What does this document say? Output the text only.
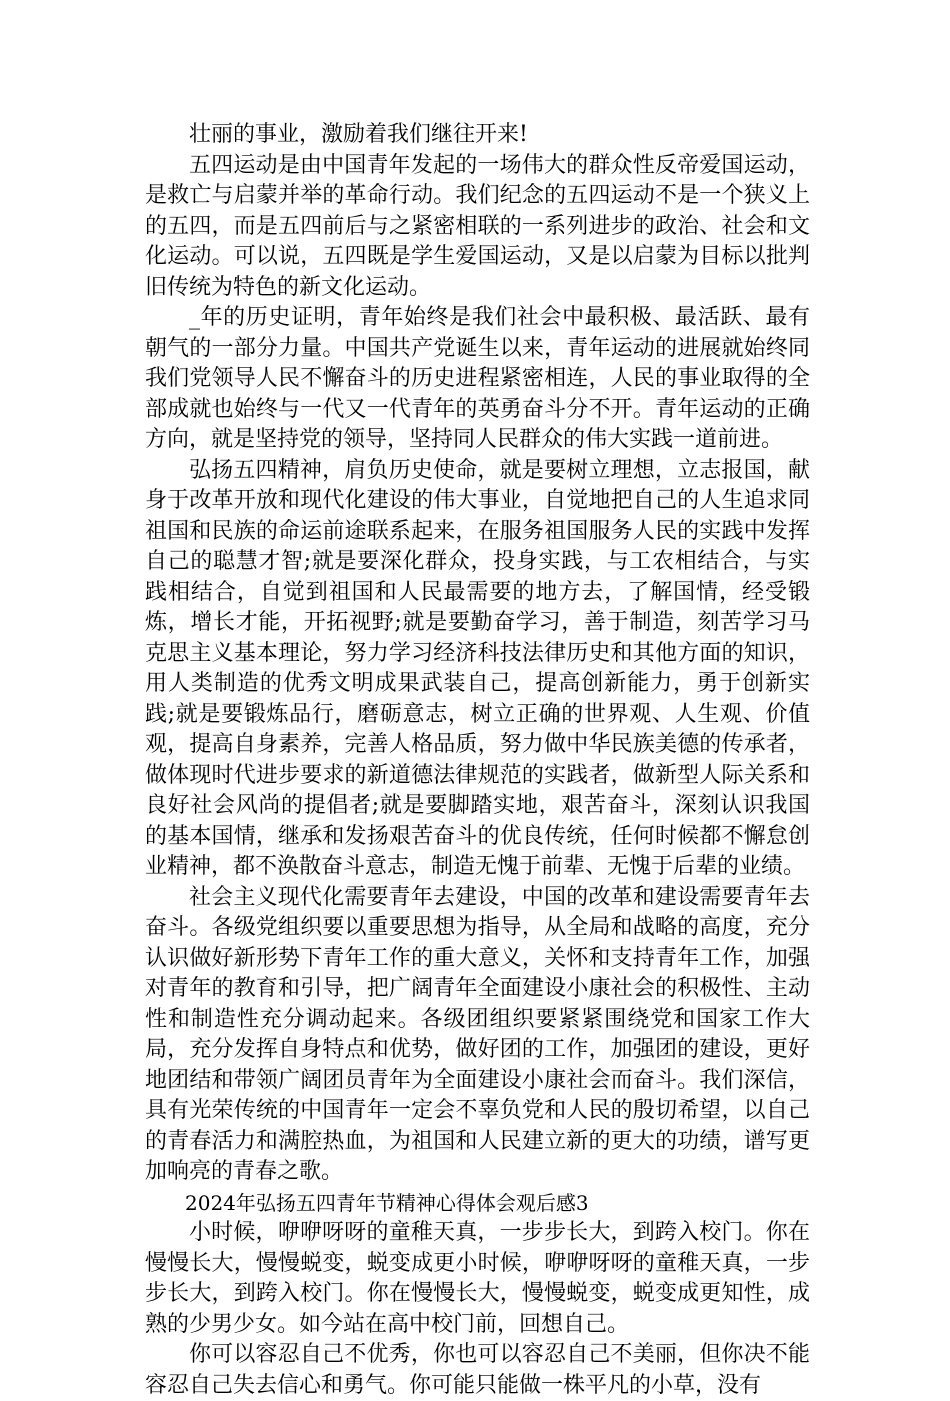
壮丽的事业，激励着我们继往开来!

五四运动是由中国青年发起的一场伟大的群众性反帝爱国运动，是救亡与启蒙并举的革命行动。我们纪念的五四运动不是一个狭义上的五四，而是五四前后与之紧密相联的一系列进步的政治、社会和文化运动。可以说，五四既是学生爱国运动，又是以启蒙为目标以批判旧传统为特色的新文化运动。

_年的历史证明，青年始终是我们社会中最积极、最活跃、最有朝气的一部分力量。中国共产党诞生以来，青年运动的进展就始终同我们党领导人民不懈奋斗的历史进程紧密相连，人民的事业取得的全部成就也始终与一代又一代青年的英勇奋斗分不开。青年运动的正确方向，就是坚持党的领导，坚持同人民群众的伟大实践一道前进。

弘扬五四精神，肩负历史使命，就是要树立理想，立志报国，献身于改革开放和现代化建设的伟大事业，自觉地把自己的人生追求同祖国和民族的命运前途联系起来，在服务祖国服务人民的实践中发挥自己的聪慧才智;就是要深化群众，投身实践，与工农相结合，与实践相结合，自觉到祖国和人民最需要的地方去，了解国情，经受锻炼，增长才能，开拓视野;就是要勤奋学习，善于制造，刻苦学习马克思主义基本理论，努力学习经济科技法律历史和其他方面的知识，用人类制造的优秀文明成果武装自己，提高创新能力，勇于创新实践;就是要锻炼品行，磨砺意志，树立正确的世界观、人生观、价值观，提高自身素养，完善人格品质，努力做中华民族美德的传承者，做体现时代进步要求的新道德法律规范的实践者，做新型人际关系和良好社会风尚的提倡者;就是要脚踏实地，艰苦奋斗，深刻认识我国的基本国情，继承和发扬艰苦奋斗的优良传统，任何时候都不懈怠创业精神，都不涣散奋斗意志，制造无愧于前辈、无愧于后辈的业绩。

社会主义现代化需要青年去建设，中国的改革和建设需要青年去奋斗。各级党组织要以重要思想为指导，从全局和战略的高度，充分认识做好新形势下青年工作的重大意义，关怀和支持青年工作，加强对青年的教育和引导，把广阔青年全面建设小康社会的积极性、主动性和制造性充分调动起来。各级团组织要紧紧围绕党和国家工作大局，充分发挥自身特点和优势，做好团的工作，加强团的建设，更好地团结和带领广阔团员青年为全面建设小康社会而奋斗。我们深信，具有光荣传统的中国青年一定会不辜负党和人民的殷切希望，以自己的青春活力和满腔热血，为祖国和人民建立新的更大的功绩，谱写更加响亮的青春之歌。

2024年弘扬五四青年节精神心得体会观后感3

小时候，咿咿呀呀的童稚天真，一步步长大，到跨入校门。你在慢慢长大，慢慢蜕变，蜕变成更小时候，咿咿呀呀的童稚天真，一步步长大，到跨入校门。你在慢慢长大，慢慢蜕变，蜕变成更知性，成熟的少男少女。如今站在高中校门前，回想自己。

你可以容忍自己不优秀，你也可以容忍自己不美丽，但你决不能容忍自己失去信心和勇气。你可能只能做一株平凡的小草，没有
